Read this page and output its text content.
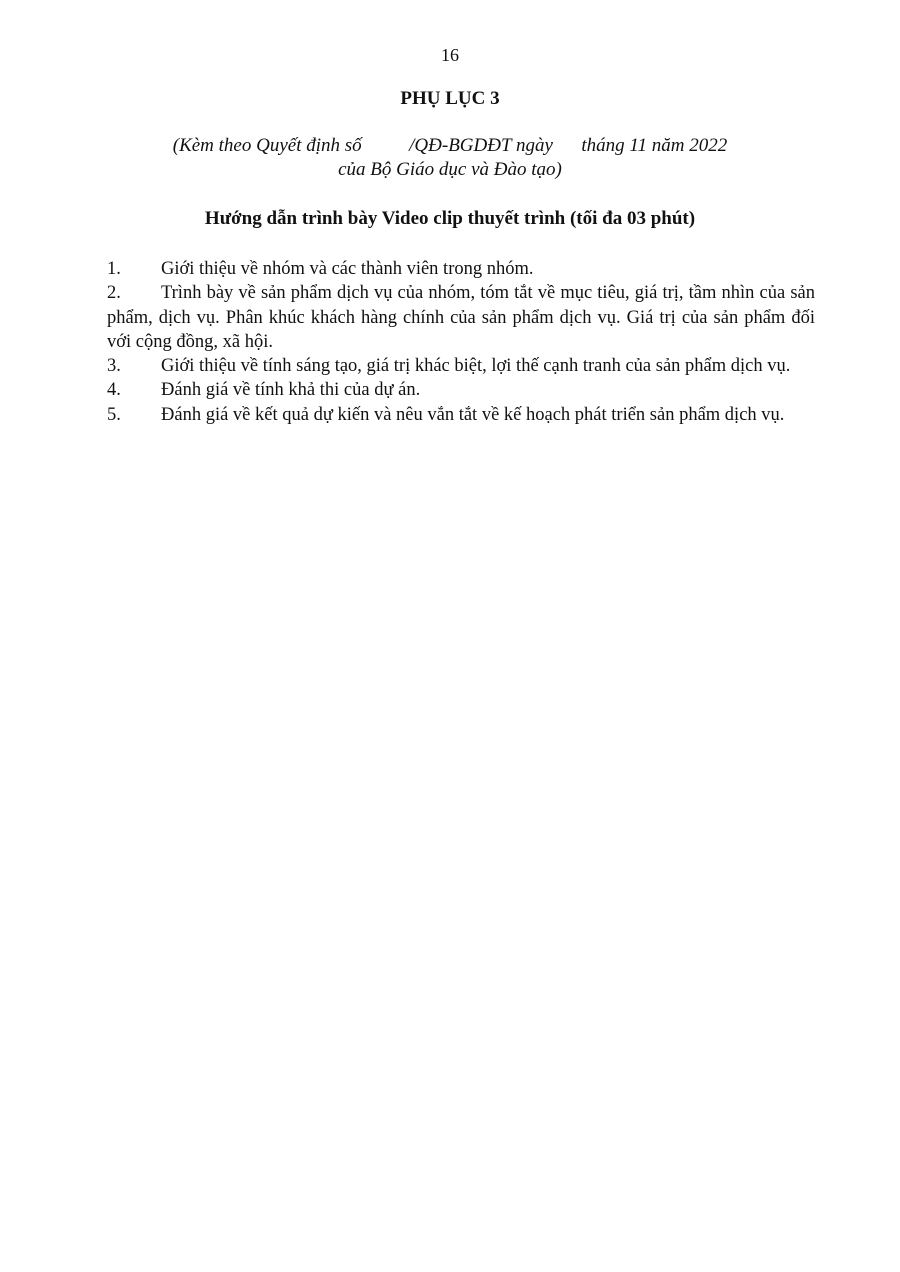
16
PHỤ LỤC 3
(Kèm theo Quyết định số          /QĐ-BGDĐT ngày      tháng 11 năm 2022
của Bộ Giáo dục và Đào tạo)
Hướng dẫn trình bày Video clip thuyết trình (tối đa 03 phút)
1. Giới thiệu về nhóm và các thành viên trong nhóm.
2. Trình bày về sản phẩm dịch vụ của nhóm, tóm tắt về mục tiêu, giá trị, tầm nhìn của sản phẩm, dịch vụ. Phân khúc khách hàng chính của sản phẩm dịch vụ. Giá trị của sản phẩm đối với cộng đồng, xã hội.
3. Giới thiệu về tính sáng tạo, giá trị khác biệt, lợi thế cạnh tranh của sản phẩm dịch vụ.
4. Đánh giá về tính khả thi của dự án.
5. Đánh giá về kết quả dự kiến và nêu vắn tắt về kế hoạch phát triển sản phẩm dịch vụ.
